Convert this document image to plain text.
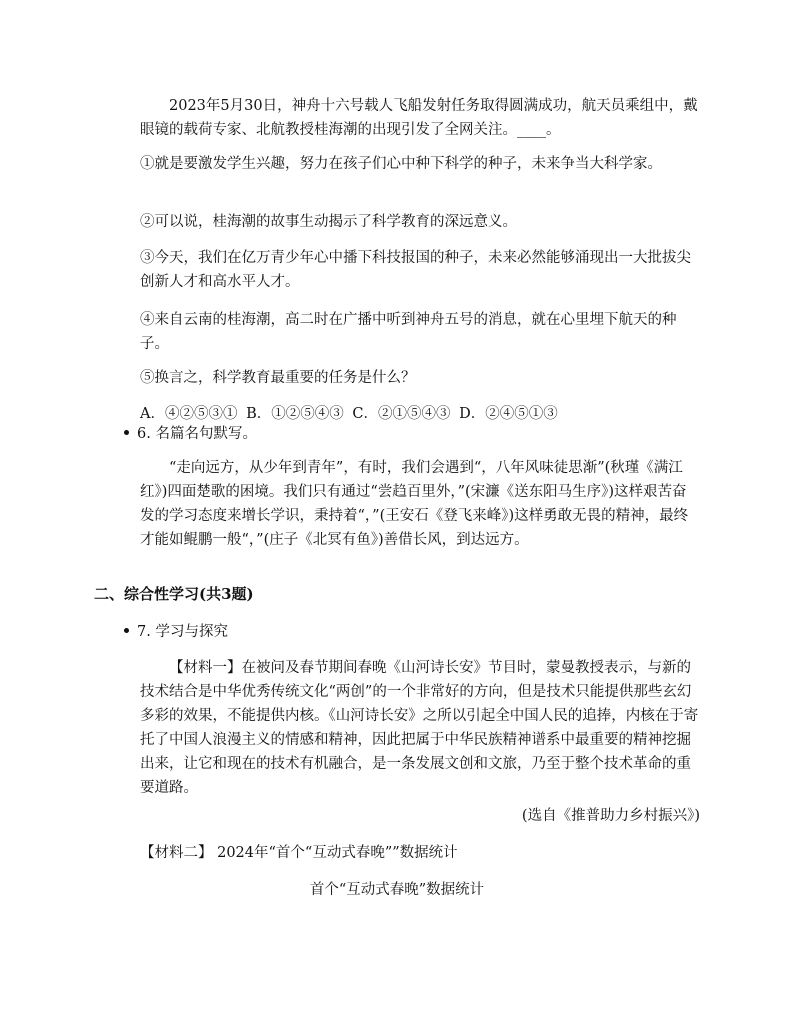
2023年5月30日，神舟十六号载人飞船发射任务取得圆满成功，航天员乘组中，戴眼镜的载荷专家、北航教授桂海潮的出现引发了全网关注。____。

①就是要激发学生兴趣，努力在孩子们心中种下科学的种子，未来争当大科学家。

②可以说，桂海潮的故事生动揭示了科学教育的深远意义。

③今天，我们在亿万青少年心中播下科技报国的种子，未来必然能够涌现出一大批拔尖创新人才和高水平人才。

④来自云南的桂海潮，高二时在广播中听到神舟五号的消息，就在心里埋下航天的种子。

⑤换言之，科学教育最重要的任务是什么？

A．④②⑤③① B．①②⑤④③ C．②①⑤④③ D．②④⑤①③
6. 名篇名句默写。

“走向远方，从少年到青年”，有时，我们会遇到“，八年风味徒思渐”(秋瑾《满江红》)四面楚歌的困境。我们只有通过“尝趋百里外，”(宋濂《送东阳马生序》)这样艰苦奋发的学习态度来增长学识，秉持着“，”(王安石《登飞来峰》)这样勇敢无畏的精神，最终才能如鲲鹏一般“，”(庄子《北冥有鱼》)善借长风，到达远方。

二、综合性学习(共3题)
7. 学习与探究

【材料一】在被问及春节期间春晚《山河诗长安》节目时，蒙曼教授表示，与新的技术结合是中华优秀传统文化“两创”的一个非常好的方向，但是技术只能提供那些玄幻多彩的效果，不能提供内核。《山河诗长安》之所以引起全中国人民的追捧，内核在于寄托了中国人浪漫主义的情感和精神，因此把属于中华民族精神谱系中最重要的精神挖掘出来，让它和现在的技术有机融合，是一条发展文创和文旅，乃至于整个技术革命的重要道路。

(选自《推普助力乡村振兴》)
【材料二】 2024年“首个“互动式春晚””数据统计
首个“互动式春晚”数据统计
